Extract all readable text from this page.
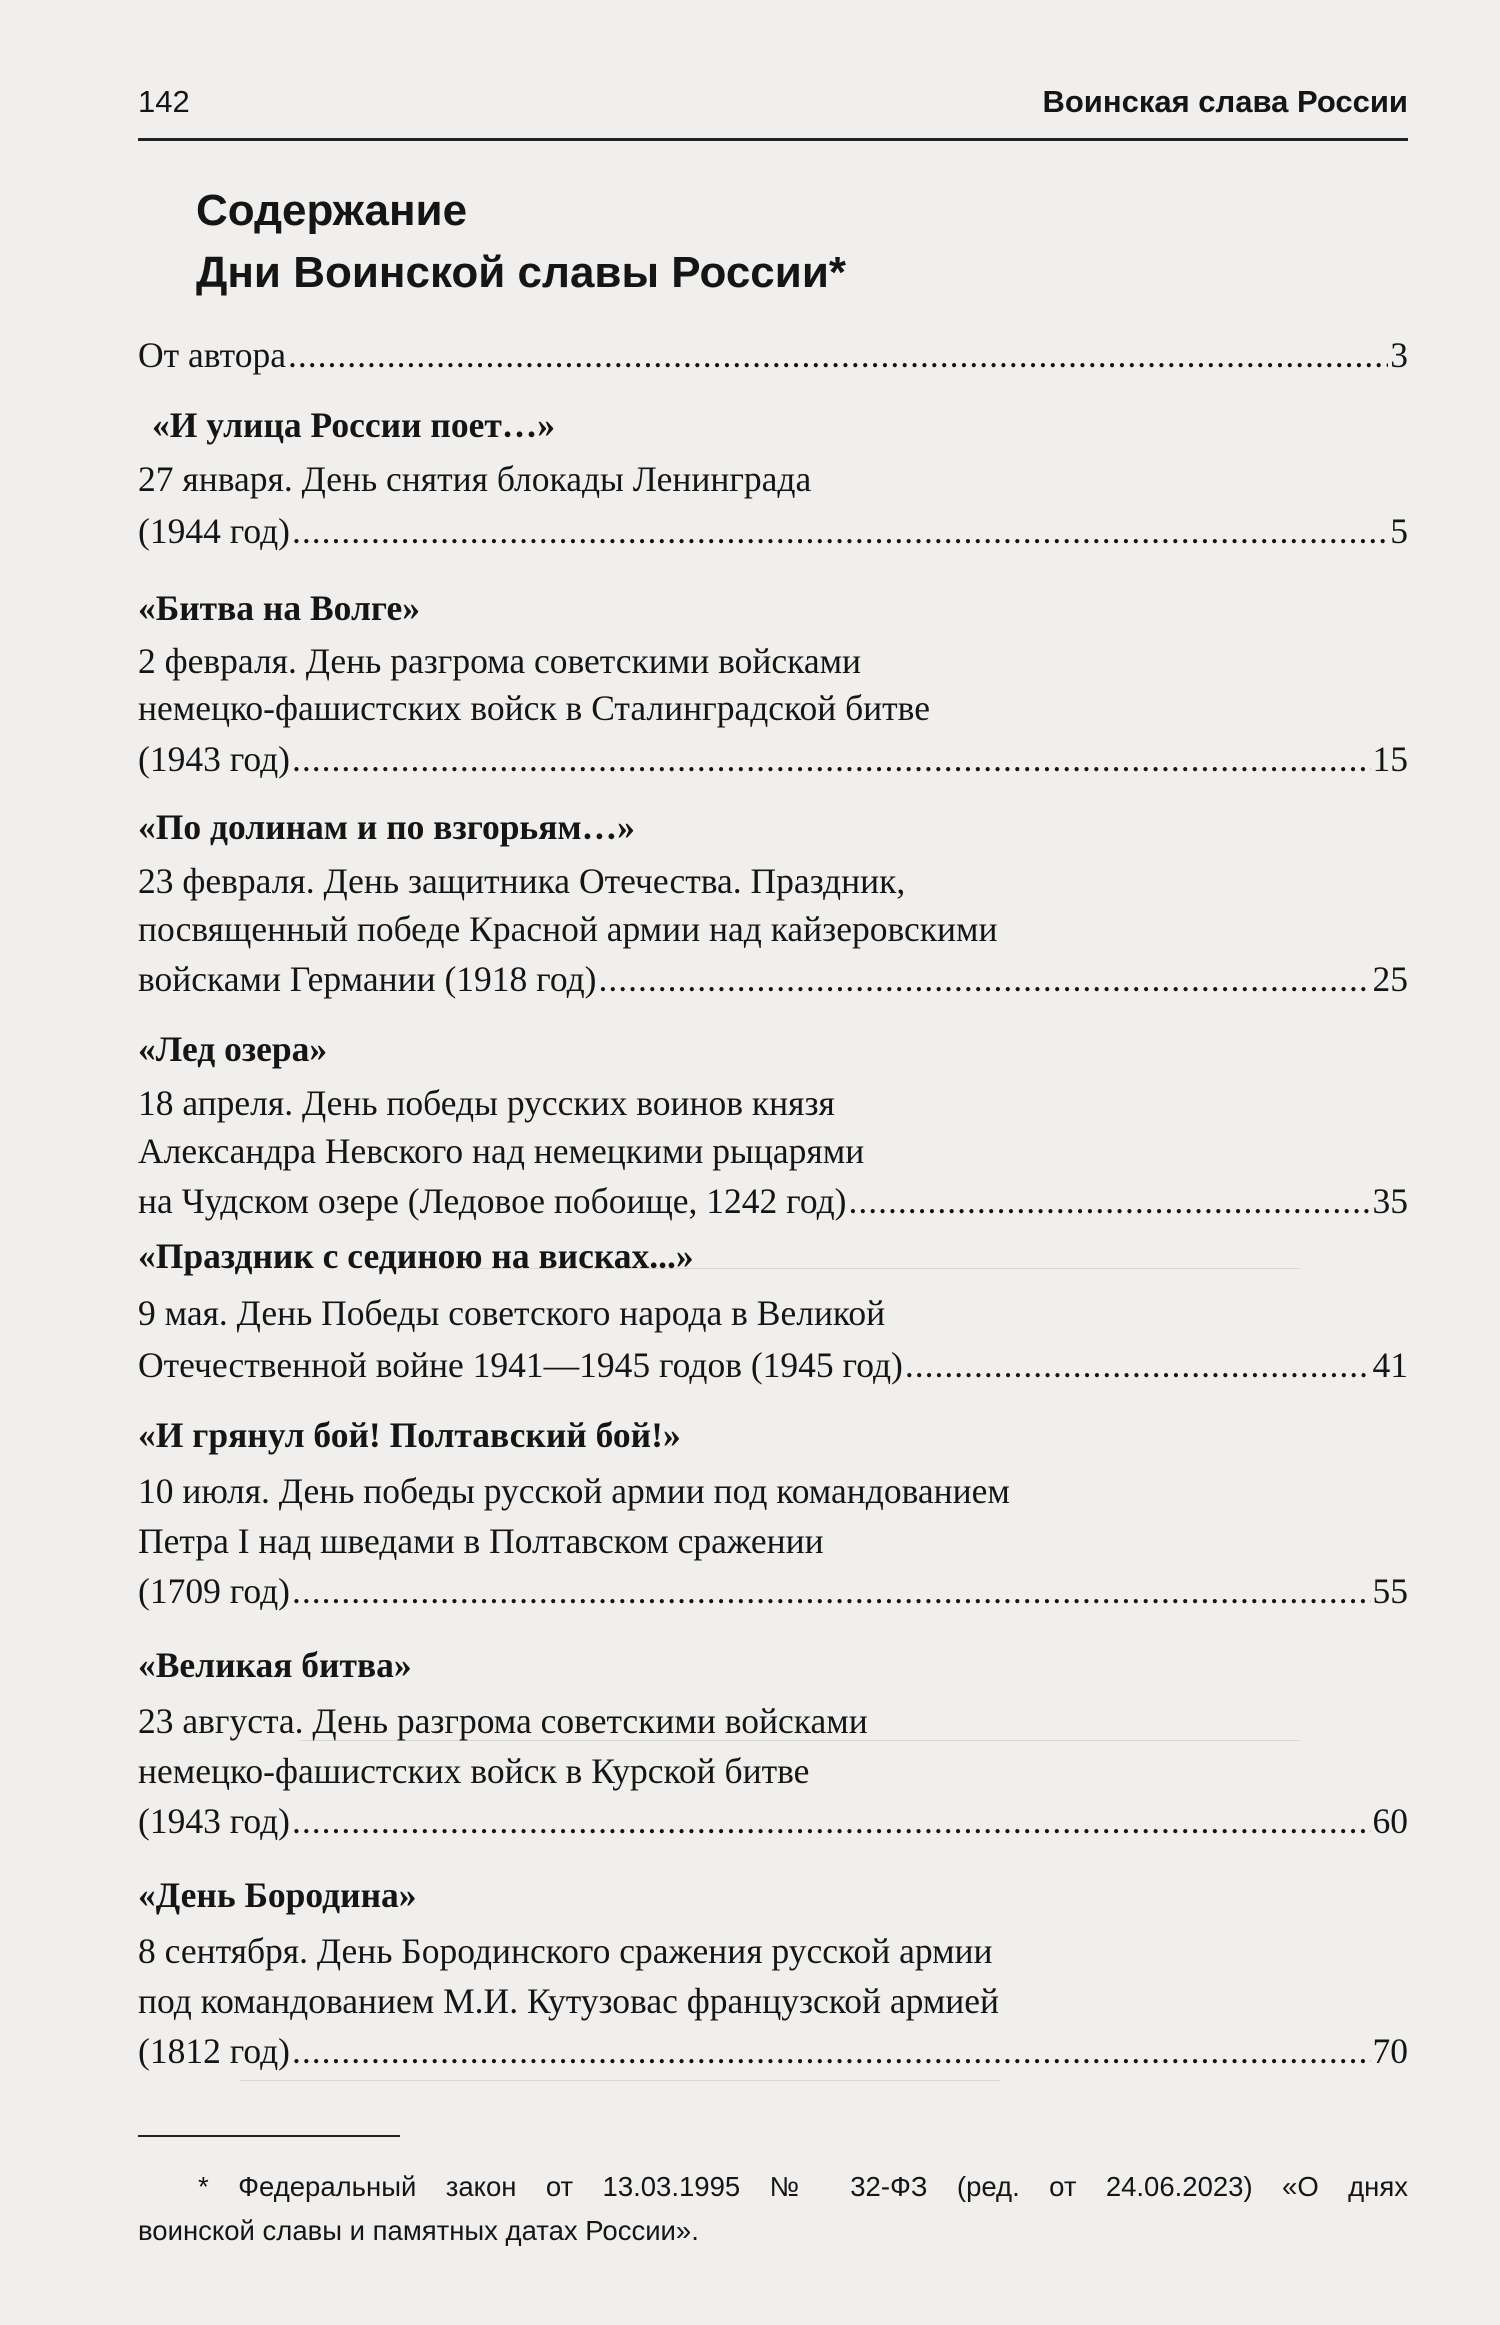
142	Воинская слава России
Содержание
Дни Воинской славы России*
От автора .....	3
«И улица России поет…»
27 января. День снятия блокады Ленинграда
(1944 год) .....	5
«Битва на Волге»
2 февраля. День разгрома советскими войсками
немецко-фашистских войск в Сталинградской битве
(1943 год) .....	15
«По долинам и по взгорьям…»
23 февраля. День защитника Отечества. Праздник,
посвященный победе Красной армии над кайзеровскими
войсками Германии (1918 год) .....	25
«Лед озера»
18 апреля. День победы русских воинов князя
Александра Невского над немецкими рыцарями
на Чудском озере (Ледовое побоище, 1242 год) .....	35
«Праздник с сединою на висках...»
9 мая. День Победы советского народа в Великой
Отечественной войне 1941—1945 годов (1945 год) .....	41
«И грянул бой! Полтавский бой!»
10 июля. День победы русской армии под командованием
Петра I над шведами в Полтавском сражении
(1709 год) .....	55
«Великая битва»
23 августа. День разгрома советскими войсками
немецко-фашистских войск в Курской битве
(1943 год) .....	60
«День Бородина»
8 сентября. День Бородинского сражения русской армии
под командованием М.И. Кутузовас французской армией
(1812 год) .....	70
* Федеральный закон от 13.03.1995 № 32-ФЗ (ред. от 24.06.2023) «О днях
воинской славы и памятных датах России».
